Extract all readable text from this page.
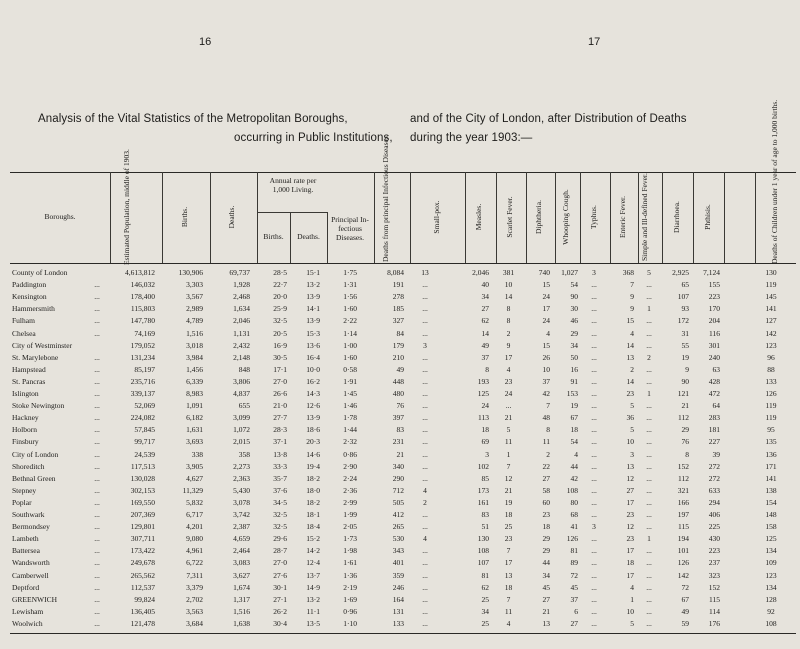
16	17
Analysis of the Vital Statistics of the Metropolitan Boroughs,	and of the City of London, after Distribution of Deaths
occurring in Public Institutions, during the year 1903:—
Boroughs.	Estimated Population, middle of 1903.	Births.	Deaths.
Annual rate per 1,000 Living.
Births.	Deaths.
Principal In- fectious Diseases.	Deaths from principal Infectious Diseases.	Small-pox.	Measles.	Scarlet Fever.	Diphtheria. Whooping Cough.	Typhus.	Enteric Fever. Simple and Ill-defined Fever.	Diarrhoea.	Phthisis.	Deaths of Children under 1 year of age to 1,000 births.
County of London	4,613,812	130,906	69,737	28·5	15·1	1·75	8,084	13	2,046	381	740	1,027	3	368	5	2,925	7,124	130
Paddington	...	146,032	3,303	1,928	22·7	13·2	1·31	191	...	40	10	15	54	...	7	...	65	155	119
Kensington	...	178,400	3,567	2,468	20·0	13·9	1·56	278	...	34	14	24	90	...	9	...	107	223	145
Hammersmith	...	115,803	2,989	1,634	25·9	14·1	1·60	185	...	27	8	17	30	...	9	1	93	170	141
Fulham	...	147,780	4,789	2,046	32·5	13·9	2·22	327	...	62	8	24	46	...	15	...	172	204	127
Chelsea	...	74,169	1,516	1,131	20·5	15·3	1·14	84	...	14	2	4	29	...	4	...	31	116	142
City of Westminster	179,052	3,018	2,432	16·9	13·6	1·00	179	3	49	9	15	34	...	14	...	55	301	123
St. Marylebone	...	131,234	3,984	2,148	30·5	16·4	1·60	210	...	37	17	26	50	...	13	2	19	240	96
Hampstead	...	85,197	1,456	848	17·1	10·0	0·58	49	...	8	4	10	16	...	2	...	9	63	88
St. Pancras	...	235,716	6,339	3,806	27·0	16·2	1·91	448	...	193	23	37	91	...	14	...	90	428	133
Islington	...	339,137	8,983	4,837	26·6	14·3	1·45	480	...	125	24	42	153	...	23	1	121	472	126
Stoke Newington	...	52,069	1,091	655	21·0	12·6	1·46	76	...	24	...	7	19	...	5	...	21	64	119
Hackney	...	224,082	6,182	3,099	27·7	13·9	1·78	397	...	113	21	48	67	...	36	...	112	283	119
Holborn	...	57,845	1,631	1,072	28·3	18·6	1·44	83	...	18	5	8	18	...	5	...	29	181	95
Finsbury	...	99,717	3,693	2,015	37·1	20·3	2·32	231	...	69	11	11	54	...	10	...	76	227	135
City of London	...	24,539	338	358	13·8	14·6	0·86	21	...	3	1	2	4	...	3	...	8	39	136
Shoreditch	...	117,513	3,905	2,273	33·3	19·4	2·90	340	...	102	7	22	44	...	13	...	152	272	171
Bethnal Green	...	130,028	4,627	2,363	35·7	18·2	2·24	290	...	85	12	27	42	...	12	...	112	272	141
Stepney	...	302,153	11,329	5,430	37·6	18·0	2·36	712	4	173	21	58	108	...	27	...	321	633	138
Poplar	...	169,550	5,832	3,078	34·5	18·2	2·99	505	2	161	19	60	80	...	17	...	166	294	154
Southwark	...	207,369	6,717	3,742	32·5	18·1	1·99	412	...	83	18	23	68	...	23	...	197	406	148
Bermondsey	...	129,801	4,201	2,387	32·5	18·4	2·05	265	...	51	25	18	41	3	12	...	115	225	158
Lambeth	...	307,711	9,080	4,659	29·6	15·2	1·73	530	4	130	23	29	126	...	23	1	194	430	125
Battersea	...	173,422	4,961	2,464	28·7	14·2	1·98	343	...	108	7	29	81	...	17	...	101	223	134
Wandsworth	...	249,678	6,722	3,083	27·0	12·4	1·61	401	...	107	17	44	89	...	18	...	126	237	109
Camberwell	...	265,562	7,311	3,627	27·6	13·7	1·36	359	...	81	13	34	72	...	17	...	142	323	123
Deptford	...	112,537	3,379	1,674	30·1	14·9	2·19	246	...	62	18	45	45	...	4	...	72	152	134
GREENWICH	...	99,824	2,702	1,317	27·1	13·2	1·69	164	...	25	7	27	37	...	1	...	67	115	128
Lewisham	...	136,405	3,563	1,516	26·2	11·1	0·96	131	...	34	11	21	6	...	10	...	49	114	92
Woolwich	...	121,478	3,684	1,638	30·4	13·5	1·10	133	...	25	4	13	27	...	5	...	59	176	108
